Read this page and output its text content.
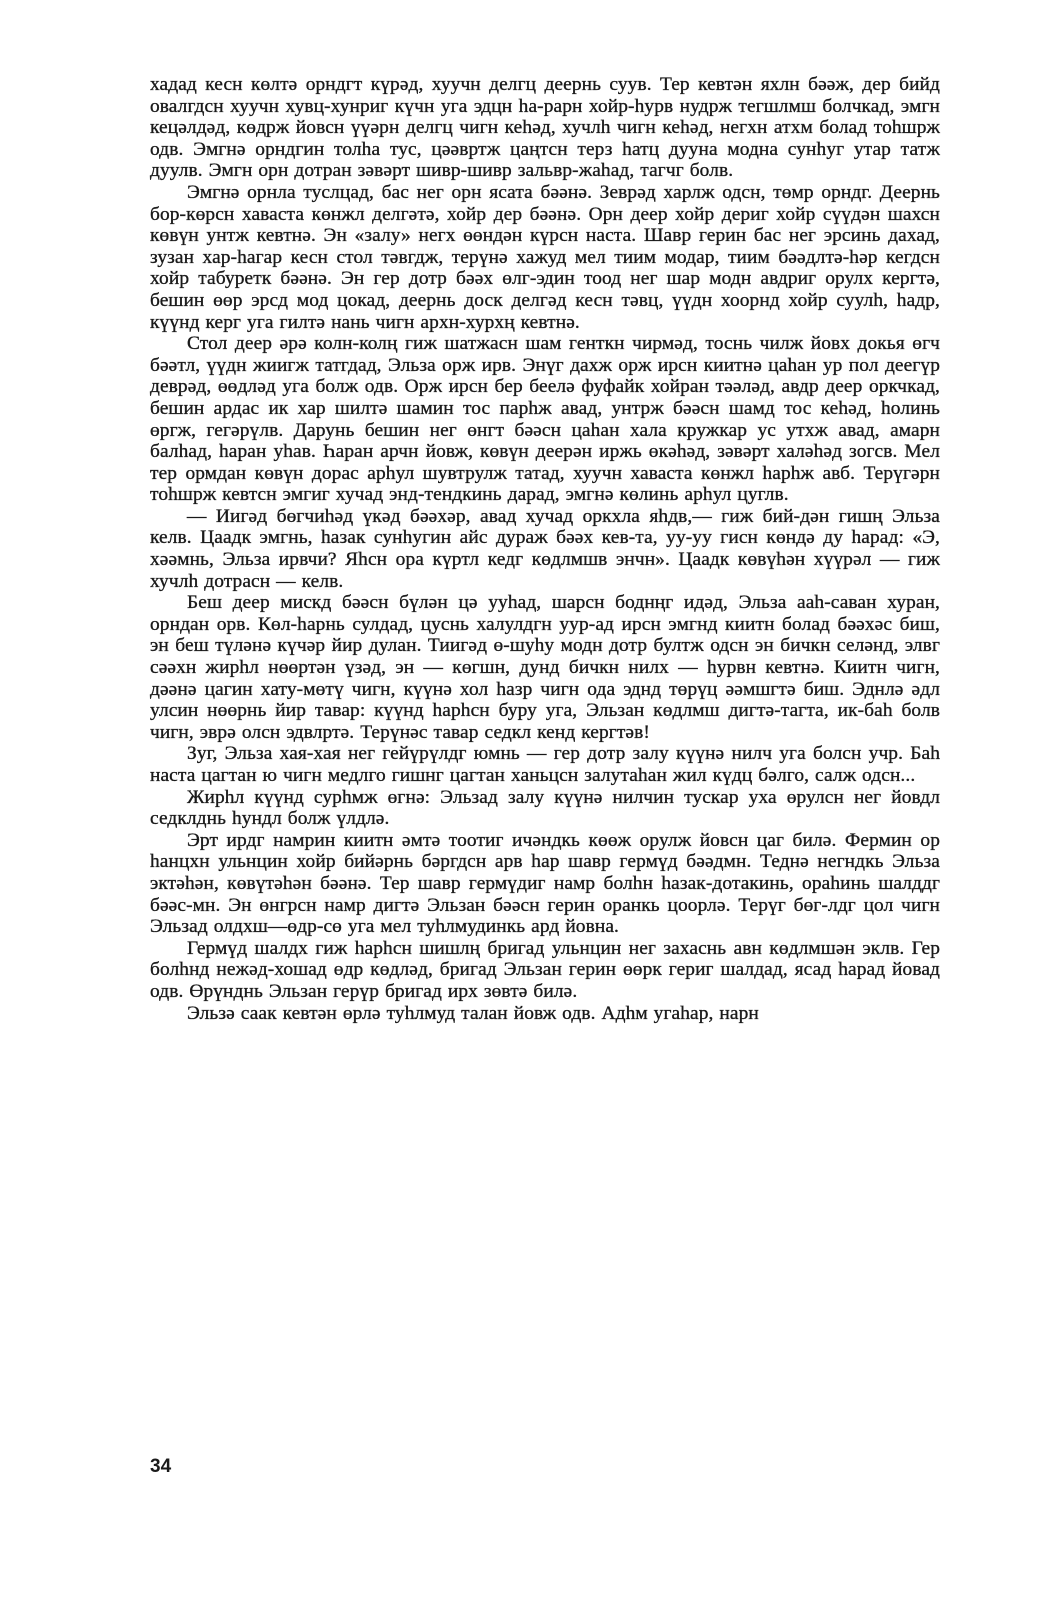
хадад кесн көлтә орндгт күрәд, хуучн делгц деернь суув. Тер кевтән яхлн бәәж, дер бийд овалгдсн хуучн хувц-хунриг күчн уга эдцн һа-рарн хойр-һурв нудрж тегшлмш болчкад, эмгн кецәлдәд, көдрж йовсн үүәрн делгц чигн кеһәд, хучлһ чигн кеһәд, негхн атхм болад тоһшрж одв. Эмгнә орндгин толһа тус, цәәвртж цаңтсн терз һатц дууна модна сунһуг утар татж дуулв. Эмгн орн дотран зәвәрт шивр-шивр зальвр-жаһад, тагчг болв.

Эмгнә орнла туслцад, бас нег орн ясата бәәнә. Зеврәд харлж одсн, төмр орндг. Деернь бор-көрсн хаваста көнжл делгәтә, хойр дер бәәнә. Орн деер хойр дериг хойр сүүдән шахсн көвүн унтж кевтнә. Эн «залу» негх өөндән күрсн наста. Шавр герин бас нег эрсинь дахад, зузан хар-һагар кесн стол тәвгдж, терүнә хажуд мел тиим модар, тиим бәәдлтә-һәр кегдсн хойр табуретк бәәнә. Эн гер дотр бәәх өлг-эдин тоод нег шар модн авдриг орулх кергтә, бешин өөр эрсд мод цокад, деернь доск делгәд кесн тәвц, үүдн хоорнд хойр суулһ, һадр, күүнд керг уга гилтә нань чигн архн-хурхң кевтнә.

Стол деер әрә колн-колң гиж шатжасн шам генткн чирмәд, тоснь чилж йовх докья өгч бәәтл, үүдн жиигж татгдад, Эльза орж ирв. Энүг дахж орж ирсн киитнә цаһан ур пол деегүр деврәд, өөдләд уга болж одв. Орж ирсн бер беелә фуфайк хойран тәәләд, авдр деер оркчкад, бешин ардас ик хар шилтә шамин тос парһж авад, унтрж бәәсн шамд тос кеһәд, һолинь өргж, гегәрүлв. Дарунь бешин нег өнгт бәәсн цаһан хала кружкар ус утхж авад, амарн балһад, һаран уһав. Һаран арчн йовж, көвүн деерән иржь өкәһәд, зәвәрт халәһәд зогсв. Мел тер ормдан көвүн дорас арһул шувтрулж татад, хуучн хаваста көнжл һарһж авб. Терүгәрн тоһшрж кевтсн эмгиг хучад энд-тендкинь дарад, эмгнә көлинь арһул цуглв.

— Иигәд бөгчиһәд үкәд бәәхәр, авад хучад оркхла яһдв,— гиж бий-дән гишң Эльза келв. Цаадк эмгнь, һазак сунһугин айс дураж бәәх кев-та, уу-уу гисн көндә ду һарад: «Э, хәәмнь, Эльза ирвчи? Яһсн ора күртл кедг көдлмшв энчн». Цаадк көвүһән хүүрәл — гиж хучлһ дотрасн — келв.

Беш деер мискд бәәсн бүлән цә ууһад, шарсн боднңг идәд, Эльза ааһ-саван хуран, орндан орв. Көл-һарнь сулдад, цуснь халулдгн уур-ад ирсн эмгнд киитн болад бәәхәс биш, эн беш түләнә күчәр йир дулан. Тиигәд ө-шуһу модн дотр бултж одсн эн бичкн селәнд, элвг сәәхн жирһл нөөртән үзәд, эн — көгшн, дунд бичкн нилх — һурвн кевтнә. Киитн чигн, дәәнә цагин хату-мөтү чигн, күүнә хол һазр чигн ода эднд төрүц әәмшгтә биш. Эднлә әдл улсин нөөрнь йир тавар: күүнд һарһсн буру уга, Эльзан көдлмш дигтә-тагта, ик-баһ болв чигн, эврә олсн эдвлртә. Терүнәс тавар седкл кенд кергтәв!

Зуг, Эльза хая-хая нег гейүрүлдг юмнь — гер дотр залу күүнә нилч уга болсн учр. Баһ наста цагтан ю чигн медлго гишнг цагтан ханьцсн залутаһан жил күдц бәлго, салж одсн...

Жирһл күүнд сурһмж өгнә: Эльзад залу күүнә нилчин тускар уха өрулсн нег йовдл седклднь һундл болж үлдлә.

Эрт ирдг намрин киитн әмтә тоотиг ичәндкь көөж орулж йовсн цаг билә. Фермин ор һанцхн ульнцин хойр бийәрнь бәргдсн арв һар шавр гермүд бәәдмн. Теднә негндкь Эльза эктәһән, көвүтәһән бәәнә. Тер шавр гермүдиг намр болһн һазак-дотакинь, ораһинь шалддг бәәс-мн. Эн өнгрсн намр дигтә Эльзан бәәсн герин оранкь цоорлә. Терүг бөг-лдг цол чигн Эльзад олдхш—өдр-сө уга мел туһлмудинкь ард йовна.

Гермүд шалдх гиж һарһсн шишлң бригад ульнцин нег захаснь авн көдлмшән эклв. Гер болһнд нежәд-хошад өдр көдләд, бригад Эльзан герин өөрк гериг шалдад, ясад һарад йовад одв. Өрүнднь Эльзан герүр бригад ирх зөвтә билә.

Эльзә саак кевтән өрлә туһлмуд талан йовж одв. Адһм угаһар, нарн

34
